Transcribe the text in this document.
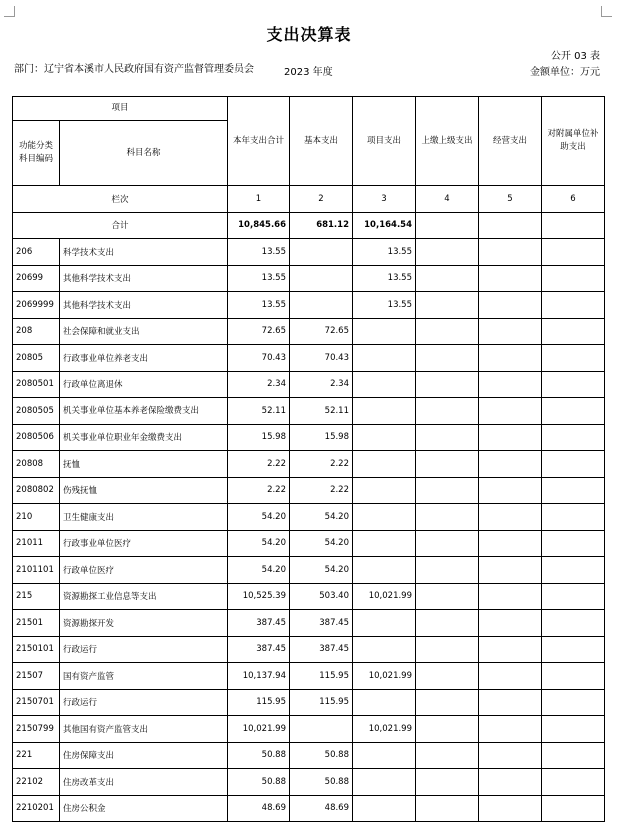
支出决算表
公开 03 表
部门：辽宁省本溪市人民政府国有资产监督管理委员会	2023 年度	金额单位：万元
项目		本年支出合计	基本支出	项目支出	上缴上级支出	经营支出	对附属单位补助支出
功能分类科目编码	科目名称						
栏次		1	2	3	4	5	6
合计		10,845.66	681.12	10,164.54			
206	科学技术支出	13.55		13.55			
20699	其他科学技术支出	13.55		13.55			
2069999	其他科学技术支出	13.55		13.55			
208	社会保障和就业支出	72.65	72.65				
20805	行政事业单位养老支出	70.43	70.43				
2080501	行政单位离退休	2.34	2.34				
2080505	机关事业单位基本养老保险缴费支出	52.11	52.11				
2080506	机关事业单位职业年金缴费支出	15.98	15.98				
20808	抚恤	2.22	2.22				
2080802	伤残抚恤	2.22	2.22				
210	卫生健康支出	54.20	54.20				
21011	行政事业单位医疗	54.20	54.20				
2101101	行政单位医疗	54.20	54.20				
215	资源勘探工业信息等支出	10,525.39	503.40	10,021.99			
21501	资源勘探开发	387.45	387.45				
2150101	行政运行	387.45	387.45				
21507	国有资产监管	10,137.94	115.95	10,021.99			
2150701	行政运行	115.95	115.95				
2150799	其他国有资产监管支出	10,021.99		10,021.99			
221	住房保障支出	50.88	50.88				
22102	住房改革支出	50.88	50.88				
2210201	住房公积金	48.69	48.69				
